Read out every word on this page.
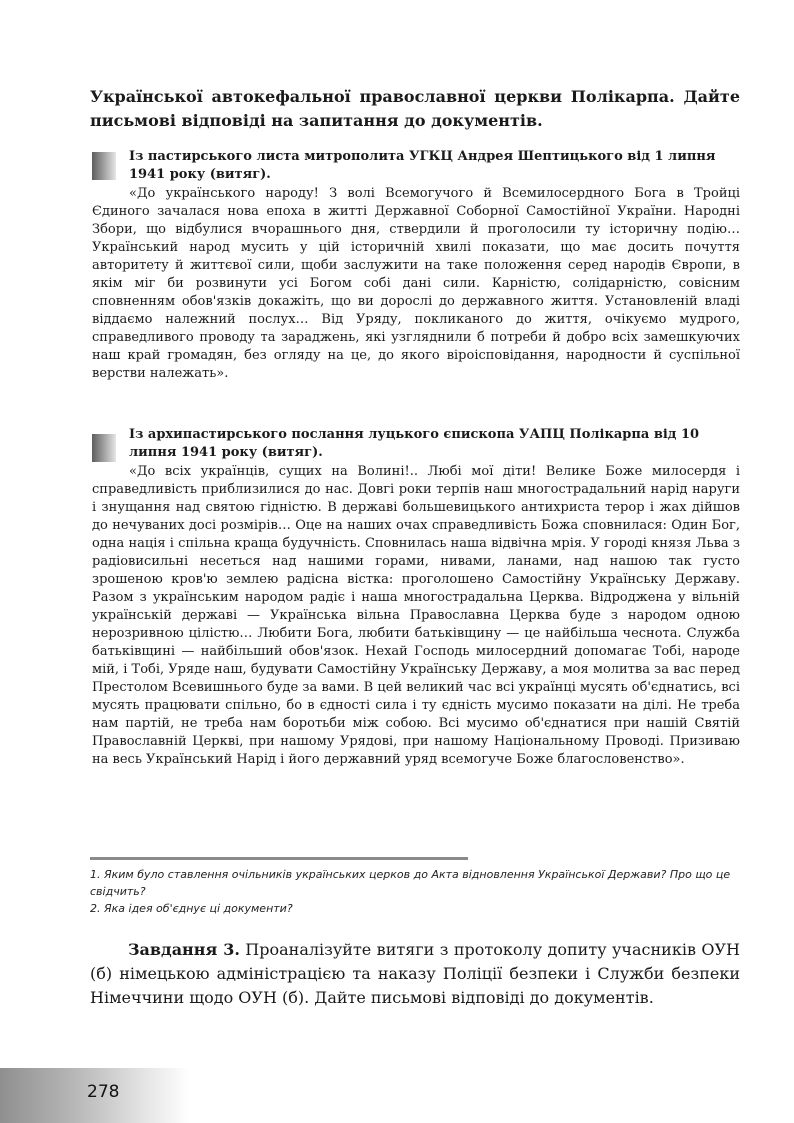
Української автокефальної православної церкви Полікарпа. Дайте письмові відповіді на запитання до документів.

Із пастирського листа митрополита УГКЦ Андрея Шептицького від 1 липня 1941 року (витяг).

«До українського народу! З волі Всемогучого й Всемилосердного Бога в Тройці Єдиного зачалася нова епоха в житті Державної Соборної Самостійної України. Народні Збори, що відбулися вчорашнього дня, ствердили й проголосили ту історичну подію… Український народ мусить у цій історичній хвилі показати, що має досить почуття авторитету й життєвої сили, щоби заслужити на таке положення серед народів Європи, в якім міг би розвинути усі Богом собі дані сили. Карністю, солідарністю, совісним сповненням обов'язків докажіть, що ви дорослі до державного життя. Установленій владі віддаємо належний послух… Від Уряду, покликаного до життя, очікуємо мудрого, справедливого проводу та зараджень, які узгляднили б потреби й добро всіх замешкуючих наш край громадян, без огляду на це, до якого віроісповідання, народности й суспільної верстви належать».

Із архипастирського послання луцького єпископа УАПЦ Полікарпа від 10 липня 1941 року (витяг).

«До всіх українців, сущих на Волині!.. Любі мої діти! Велике Боже милосердя і справедливість приблизилися до нас. Довгі роки терпів наш многострадальний нарід наруги і знущання над святою гідністю. В державі большевицького антихриста терор і жах дійшов до нечуваних досі розмірів… Оце на наших очах справедливість Божа сповнилася: Один Бог, одна нація і спільна краща будучність. Сповнилась наша відвічна мрія. У городі князя Льва з радіовисильні несеться над нашими горами, нивами, ланами, над нашою так густо зрошеною кров'ю землею радісна вістка: проголошено Самостійну Українську Державу. Разом з українським народом радіє і наша многострадальна Церква. Відроджена у вільній українській державі — Українська вільна Православна Церква буде з народом одною нерозривною цілістю… Любити Бога, любити батьківщину — це найбільша чеснота. Служба батьківщині — найбільший обов'язок. Нехай Господь милосердний допомагає Тобі, народе мій, і Тобі, Уряде наш, будувати Самостійну Українську Державу, а моя молитва за вас перед Престолом Всевишнього буде за вами. В цей великий час всі українці мусять об'єднатись, всі мусять працювати спільно, бо в єдності сила і ту єдність мусимо показати на ділі. Не треба нам партій, не треба нам боротьби між собою. Всі мусимо об'єднатися при нашій Святій Православній Церкві, при нашому Урядові, при нашому Національному Проводі. Призиваю на весь Український Нарід і його державний уряд всемогуче Боже благословенство».

1. Яким було ставлення очільників українських церков до Акта відновлення Української Держави? Про що це свідчить?

2. Яка ідея об'єднує ці документи?

Завдання 3. Проаналізуйте витяги з протоколу допиту учасників ОУН (б) німецькою адміністрацією та наказу Поліції безпеки і Служби безпеки Німеччини щодо ОУН (б). Дайте письмові відповіді до документів.
278
